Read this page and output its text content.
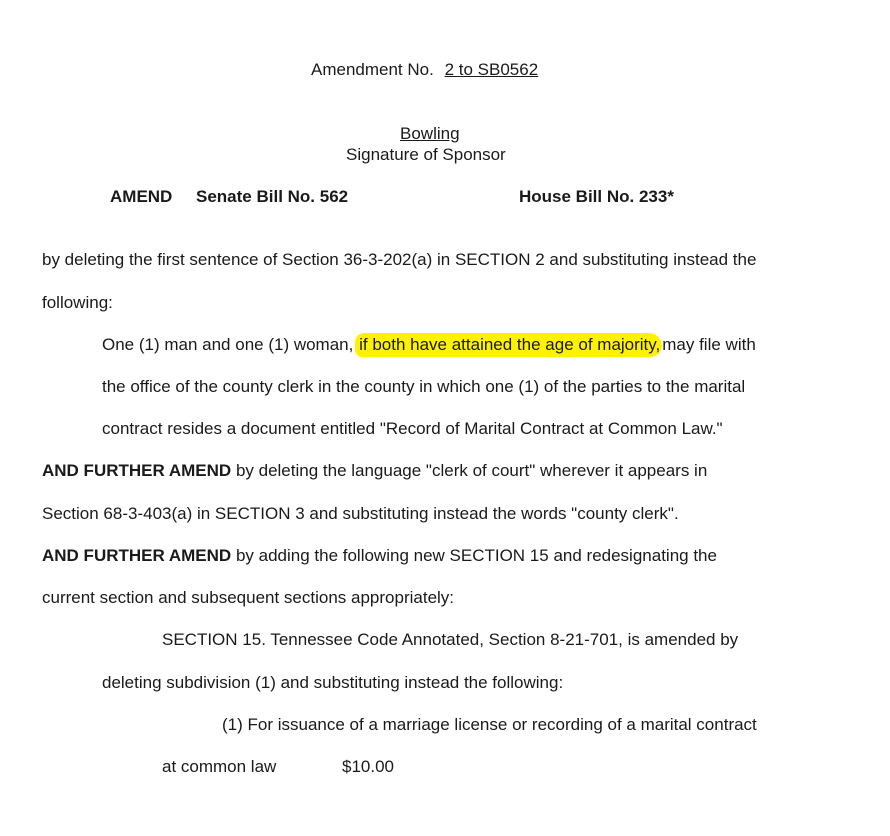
Amendment No. 2 to SB0562
Bowling
Signature of Sponsor
AMEND Senate Bill No. 562	House Bill No. 233*
by deleting the first sentence of Section 36-3-202(a) in SECTION 2 and substituting instead the
following:
One (1) man and one (1) woman, if both have attained the age of majority, may file with
the office of the county clerk in the county in which one (1) of the parties to the marital
contract resides a document entitled "Record of Marital Contract at Common Law."
AND FURTHER AMEND by deleting the language "clerk of court" wherever it appears in
Section 68-3-403(a) in SECTION 3 and substituting instead the words "county clerk".
AND FURTHER AMEND by adding the following new SECTION 15 and redesignating the
current section and subsequent sections appropriately:
SECTION 15. Tennessee Code Annotated, Section 8-21-701, is amended by
deleting subdivision (1) and substituting instead the following:
(1) For issuance of a marriage license or recording of a marital contract
at common law	$10.00
